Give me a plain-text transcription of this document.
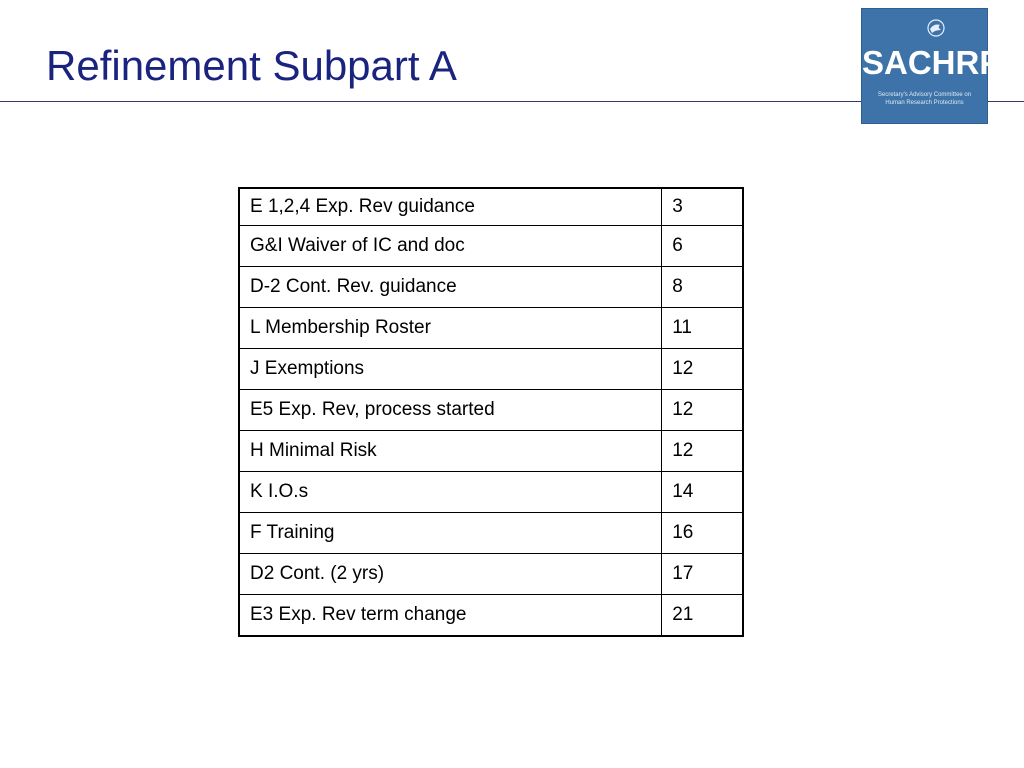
Refinement Subpart A	SACHRP
Secretary's Advisory Committee on
Human Research Protections
E 1,2,4 Exp. Rev guidance	3
G&I Waiver of IC and doc	6
D-2 Cont. Rev. guidance	8
L Membership Roster	11
J Exemptions	12
E5 Exp. Rev, process started	12
H Minimal Risk	12
K I.O.s	14
F Training	16
D2 Cont. (2 yrs)	17
E3 Exp. Rev term change	21
